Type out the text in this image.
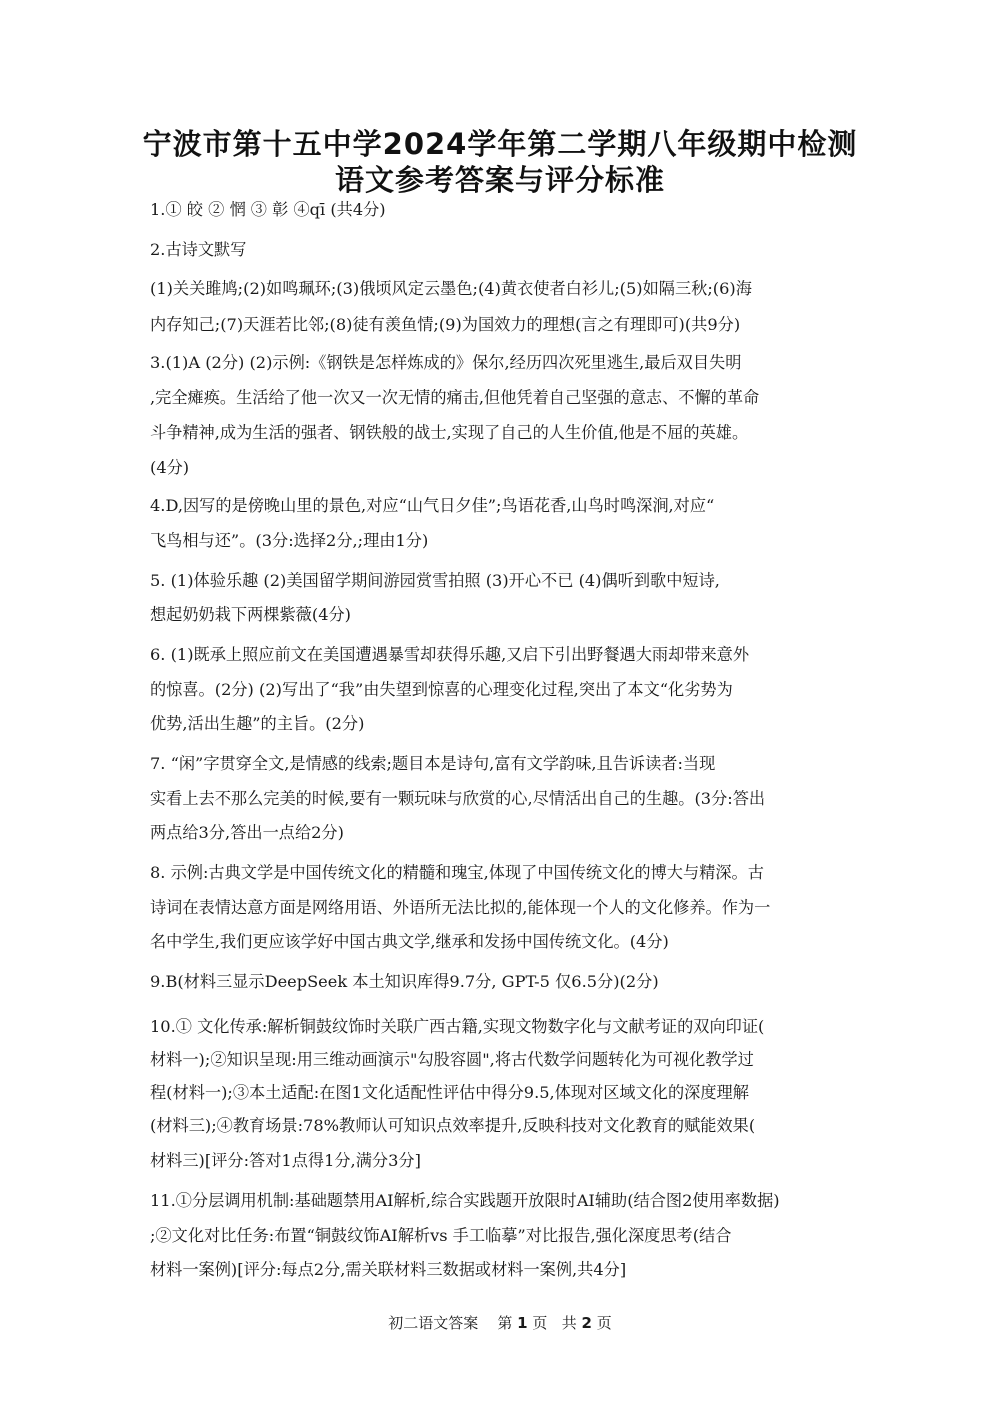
宁波市第十五中学2024学年第二学期八年级期中检测
语文参考答案与评分标准
1.① 皎 ② 惘 ③ 彰 ④qī (共4分)
2.古诗文默写
(1)关关雎鸠;(2)如鸣珮环;(3)俄顷风定云墨色;(4)黄衣使者白衫儿;(5)如隔三秋;(6)海
内存知己;(7)天涯若比邻;(8)徒有羡鱼情;(9)为国效力的理想(言之有理即可)(共9分)
3.(1)A (2分) (2)示例:《钢铁是怎样炼成的》保尔,经历四次死里逃生,最后双目失明
,完全瘫痪。生活给了他一次又一次无情的痛击,但他凭着自己坚强的意志、不懈的革命
斗争精神,成为生活的强者、钢铁般的战士,实现了自己的人生价值,他是不屈的英雄。
(4分)
4.D,因写的是傍晚山里的景色,对应“山气日夕佳”;鸟语花香,山鸟时鸣深涧,对应“
飞鸟相与还”。(3分:选择2分,;理由1分)
5. (1)体验乐趣 (2)美国留学期间游园赏雪拍照 (3)开心不已 (4)偶听到歌中短诗,
想起奶奶栽下两棵紫薇(4分)
6. (1)既承上照应前文在美国遭遇暴雪却获得乐趣,又启下引出野餐遇大雨却带来意外
的惊喜。(2分) (2)写出了“我”由失望到惊喜的心理变化过程,突出了本文“化劣势为
优势,活出生趣”的主旨。(2分)
7. “闲”字贯穿全文,是情感的线索;题目本是诗句,富有文学韵味,且告诉读者:当现
实看上去不那么完美的时候,要有一颗玩味与欣赏的心,尽情活出自己的生趣。(3分:答出
两点给3分,答出一点给2分)
8. 示例:古典文学是中国传统文化的精髓和瑰宝,体现了中国传统文化的博大与精深。古
诗词在表情达意方面是网络用语、外语所无法比拟的,能体现一个人的文化修养。作为一
名中学生,我们更应该学好中国古典文学,继承和发扬中国传统文化。(4分)
9.B(材料三显示DeepSeek 本土知识库得9.7分, GPT-5 仅6.5分)(2分)
10.① 文化传承:解析铜鼓纹饰时关联广西古籍,实现文物数字化与文献考证的双向印证(
材料一);②知识呈现:用三维动画演示"勾股容圆",将古代数学问题转化为可视化教学过
程(材料一);③本土适配:在图1文化适配性评估中得分9.5,体现对区域文化的深度理解
(材料三);④教育场景:78%教师认可知识点效率提升,反映科技对文化教育的赋能效果(
材料三)[评分:答对1点得1分,满分3分]
11.①分层调用机制:基础题禁用AI解析,综合实践题开放限时AI辅助(结合图2使用率数据)
;②文化对比任务:布置“铜鼓纹饰AI解析vs 手工临摹”对比报告,强化深度思考(结合
材料一案例)[评分:每点2分,需关联材料三数据或材料一案例,共4分]
初二语文答案 第 1 页 共 2 页
